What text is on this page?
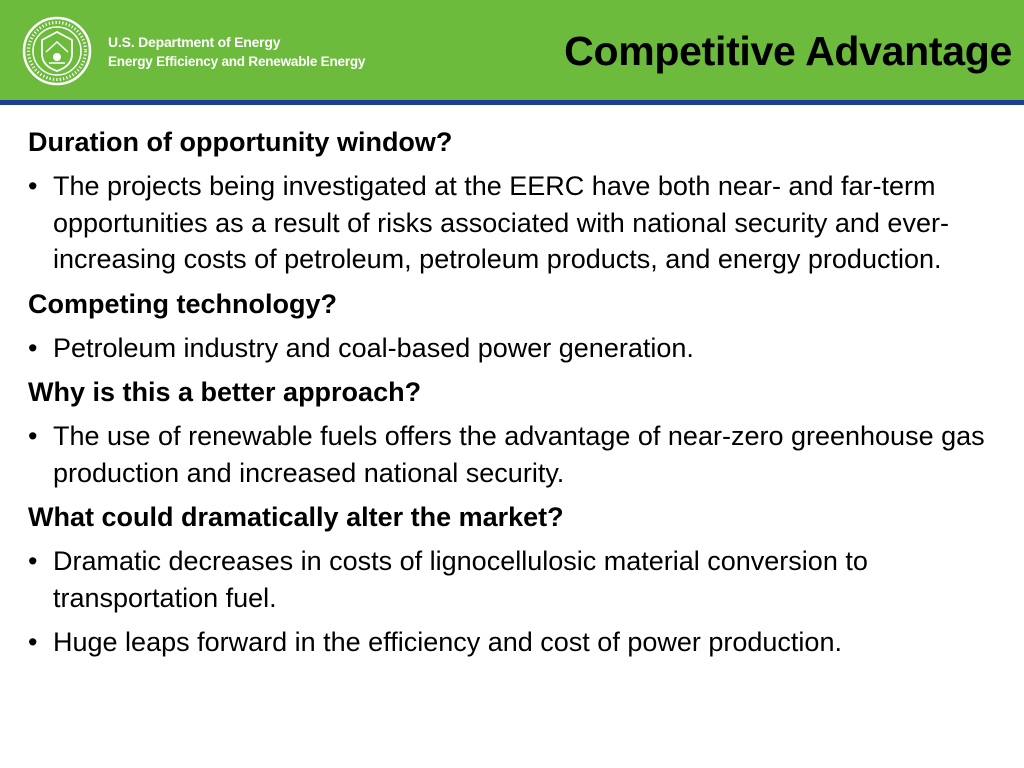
U.S. Department of Energy
Energy Efficiency and Renewable Energy	Competitive Advantage
Duration of opportunity window?
• The projects being investigated at the EERC have both near- and far-term opportunities as a result of risks associated with national security and ever-increasing costs of petroleum, petroleum products, and energy production.
Competing technology?
• Petroleum industry and coal-based power generation.
Why is this a better approach?
• The use of renewable fuels offers the advantage of near-zero greenhouse gas production and increased national security.
What could dramatically alter the market?
• Dramatic decreases in costs of lignocellulosic material conversion to transportation fuel.
• Huge leaps forward in the efficiency and cost of power production.
